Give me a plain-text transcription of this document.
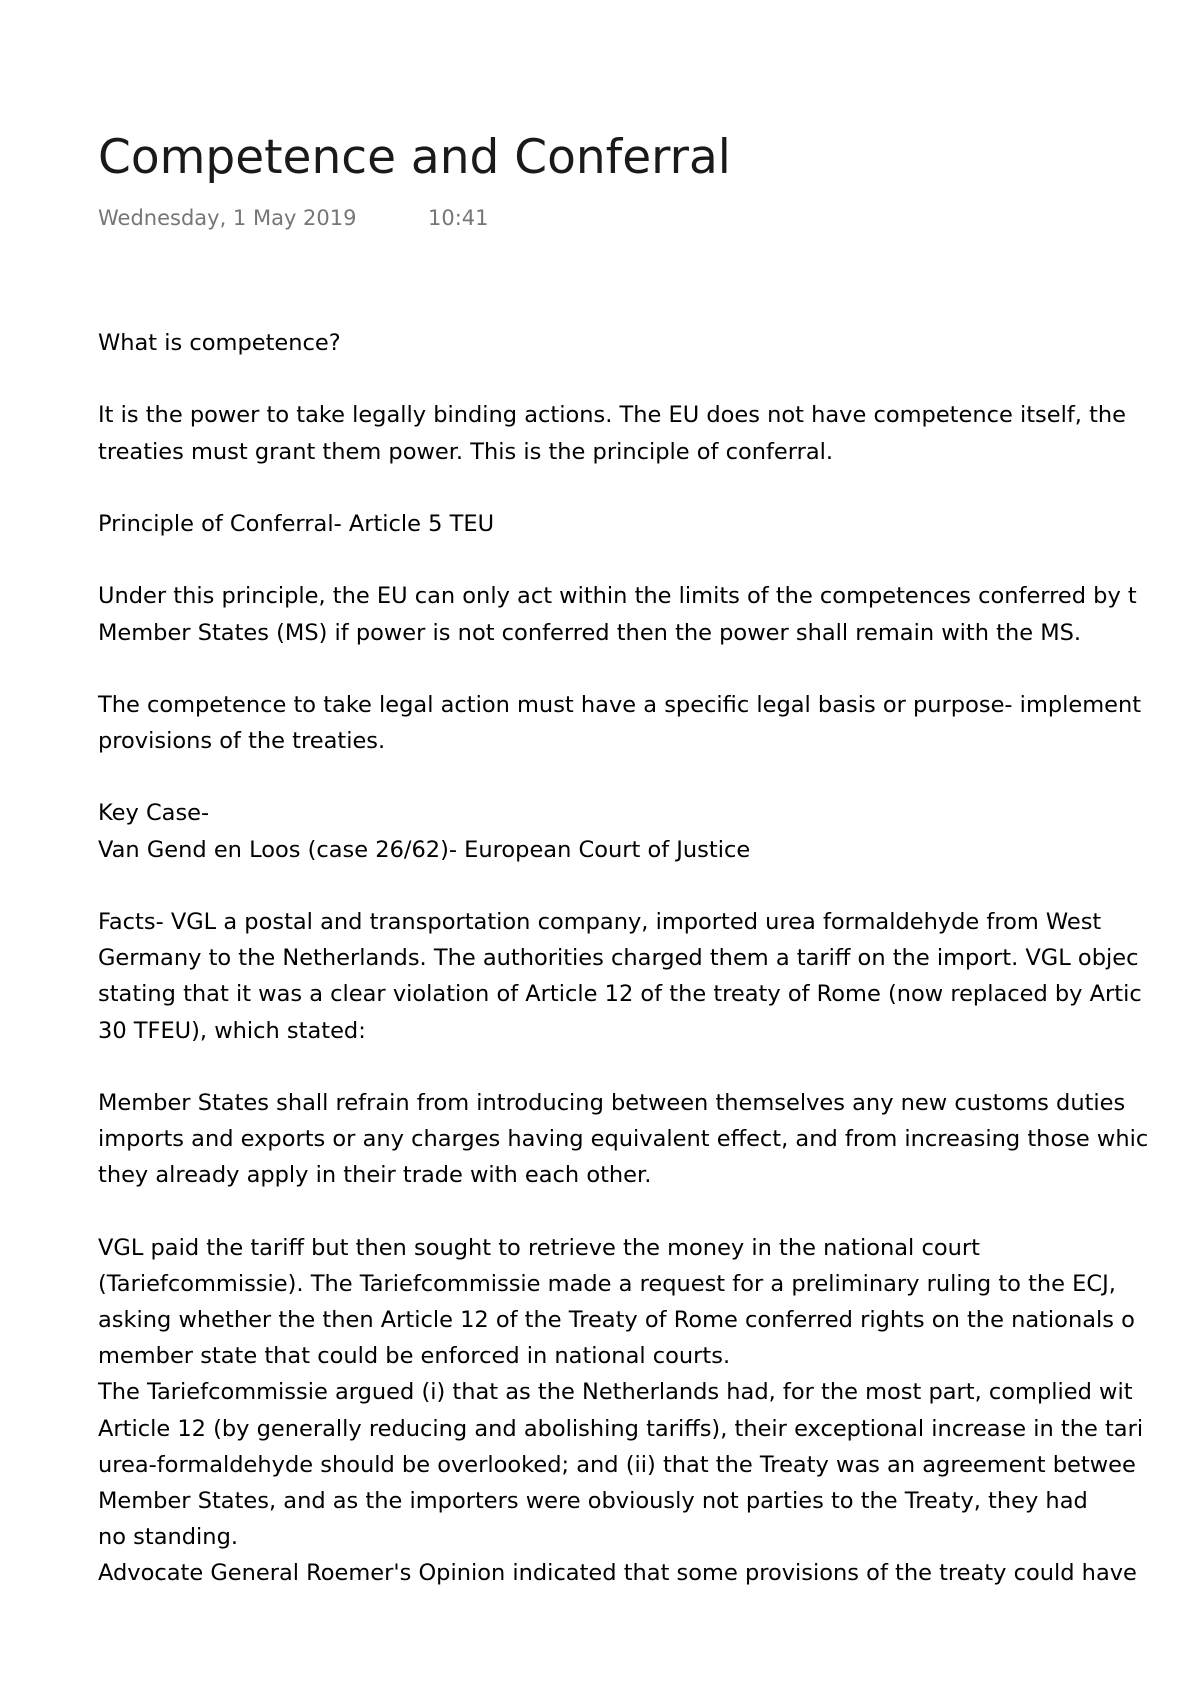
Competence and Conferral
Wednesday, 1 May 2019	10:41
What is competence?
It is the power to take legally binding actions. The EU does not have competence itself, the
treaties must grant them power. This is the principle of conferral.
Principle of Conferral- Article 5 TEU
Under this principle, the EU can only act within the limits of the competences conferred by t
Member States (MS) if power is not conferred then the power shall remain with the MS.
The competence to take legal action must have a specific legal basis or purpose- implement
provisions of the treaties.
Key Case-
Van Gend en Loos (case 26/62)- European Court of Justice
Facts- VGL a postal and transportation company, imported urea formaldehyde from West
Germany to the Netherlands. The authorities charged them a tariff on the import. VGL objec
stating that it was a clear violation of Article 12 of the treaty of Rome (now replaced by Artic
30 TFEU), which stated:
Member States shall refrain from introducing between themselves any new customs duties
imports and exports or any charges having equivalent effect, and from increasing those whic
they already apply in their trade with each other.
VGL paid the tariff but then sought to retrieve the money in the national court
(Tariefcommissie). The Tariefcommissie made a request for a preliminary ruling to the ECJ,
asking whether the then Article 12 of the Treaty of Rome conferred rights on the nationals o
member state that could be enforced in national courts.
The Tariefcommissie argued (i) that as the Netherlands had, for the most part, complied wit
Article 12 (by generally reducing and abolishing tariffs), their exceptional increase in the tari
urea-formaldehyde should be overlooked; and (ii) that the Treaty was an agreement betwee
Member States, and as the importers were obviously not parties to the Treaty, they had
no standing.
Advocate General Roemer's Opinion indicated that some provisions of the treaty could have
